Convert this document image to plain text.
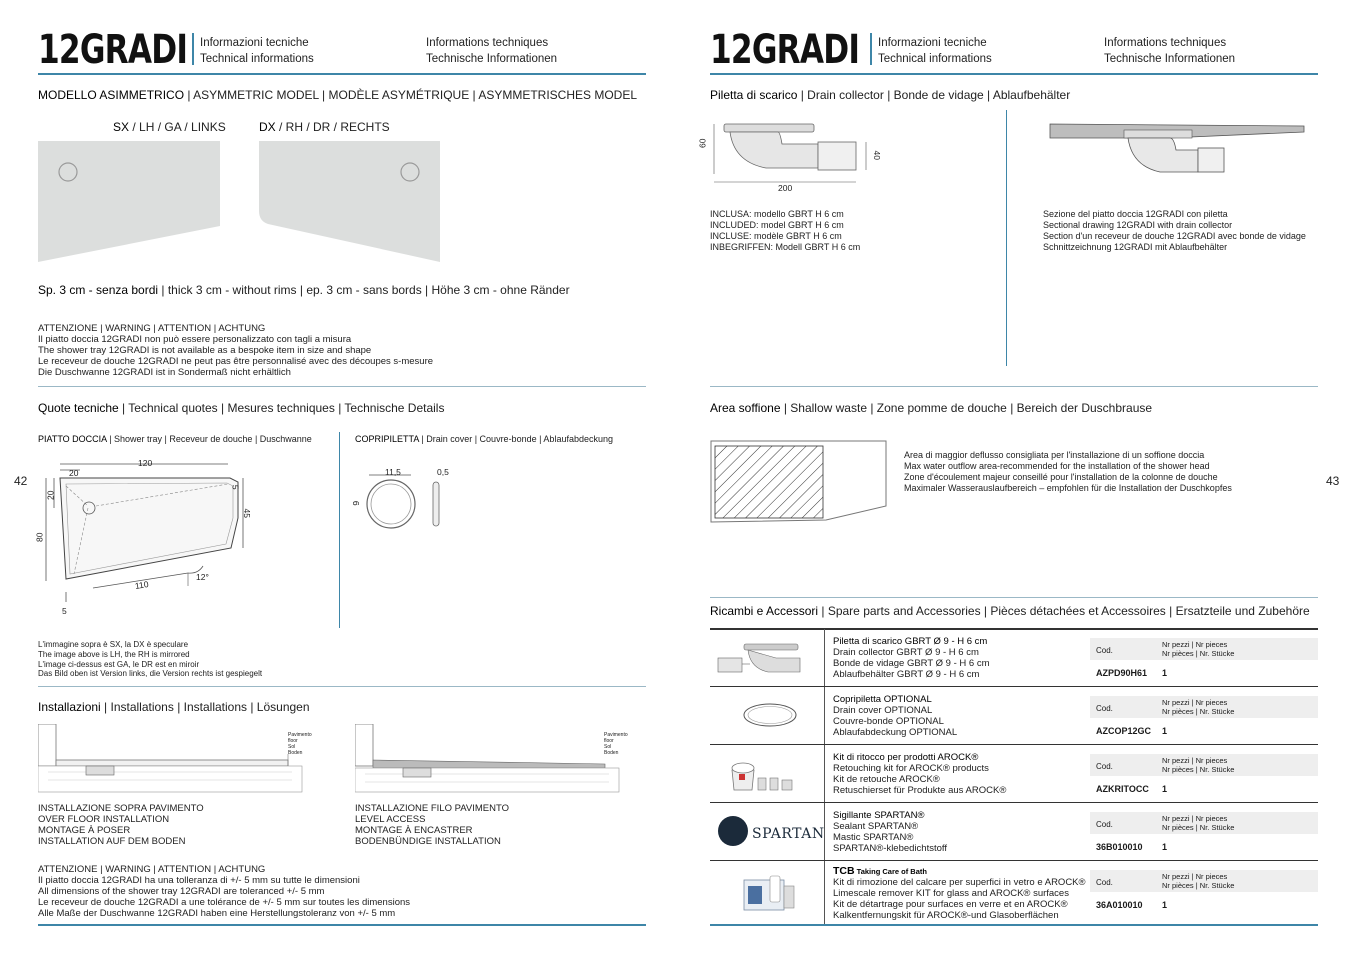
12GRADI Informazioni tecniche
Technical informations
Informations techniques
Technische Informationen
MODELLO ASIMMETRICO | ASYMMETRIC MODEL | MODÈLE ASYMÉTRIQUE | ASYMMETRISCHES MODEL
SX / LH / GA / LINKS	DX / RH / DR / RECHTS
Sp. 3 cm - senza bordi | thick 3 cm - without rims | ep. 3 cm - sans bords | Höhe 3 cm - ohne Ränder
ATTENZIONE | WARNING | ATTENTION | ACHTUNG
Il piatto doccia 12GRADI non può essere personalizzato con tagli a misura
The shower tray 12GRADI is not available as a bespoke item in size and shape
Le receveur de douche 12GRADI ne peut pas être personnalisé avec des découpes s-mesure
Die Duschwanne 12GRADI ist in Sondermaß nicht erhältlich
Quote tecniche | Technical quotes | Mesures techniques | Technische Details
PIATTO DOCCIA | Shower tray | Receveur de douche | Duschwanne	COPRIPILETTA | Drain cover | Couvre-bonde | Ablaufabdeckung
42
120
20
20
5
45
80
110
12°
5
11,5	0,5
9
L'immagine sopra è SX, la DX è speculare
The image above is LH, the RH is mirrored
L'image ci-dessus est GA, le DR est en miroir
Das Bild oben ist Version links, die Version rechts ist gespiegelt
Installazioni | Installations | Installations | Lösungen
Pavimento
floor
Sol
Boden
Pavimento
floor
Sol
Boden
INSTALLAZIONE SOPRA PAVIMENTO
OVER FLOOR INSTALLATION
MONTAGE À POSER
INSTALLATION AUF DEM BODEN
INSTALLAZIONE FILO PAVIMENTO
LEVEL ACCESS
MONTAGE À ENCASTRER
BODENBÜNDIGE INSTALLATION
ATTENZIONE | WARNING | ATTENTION | ACHTUNG
Il piatto doccia 12GRADI ha una tolleranza di +/- 5 mm su tutte le dimensioni
All dimensions of the shower tray 12GRADI are toleranced +/- 5 mm
Le receveur de douche 12GRADI a une tolérance de +/- 5 mm sur toutes les dimensions
Alle Maße der Duschwanne 12GRADI haben eine Herstellungstoleranz von +/- 5 mm
12GRADI Informazioni tecniche
Technical informations
Informations techniques
Technische Informationen
Piletta di scarico | Drain collector | Bonde de vidage | Ablaufbehälter
60
40
200
INCLUSA: modello GBRT H 6 cm
INCLUDED: model GBRT H 6 cm
INCLUSE: modèle GBRT H 6 cm
INBEGRIFFEN: Modell GBRT H 6 cm
Sezione del piatto doccia 12GRADI con piletta
Sectional drawing 12GRADI with drain collector
Section d'un receveur de douche 12GRADI avec bonde de vidage
Schnittzeichnung 12GRADI mit Ablaufbehälter
Area soffione | Shallow waste | Zone pomme de douche | Bereich der Duschbrause
Area di maggior deflusso consigliata per l'installazione di un soffione doccia
Max water outflow area-recommended for the installation of the shower head
Zone d'écoulement majeur conseillé pour l'installation de la colonne de douche
Maximaler Wasserauslaufbereich – empfohlen für die Installation der Duschkopfes	43
Ricambi e Accessori | Spare parts and Accessories | Pièces détachées et Accessoires | Ersatzteile und Zubehöre
Piletta di scarico GBRT Ø 9 - H 6 cm
Drain collector GBRT Ø 9 - H 6 cm
Bonde de vidage GBRT Ø 9 - H 6 cm
Ablaufbehälter GBRT Ø 9 - H 6 cm
Cod.
Nr pezzi | Nr pieces
Nr pièces | Nr. Stücke
AZPD90H61 1
Copripiletta OPTIONAL
Drain cover OPTIONAL
Couvre-bonde OPTIONAL
Ablaufabdeckung OPTIONAL
Cod.
Nr pezzi | Nr pieces
Nr pièces | Nr. Stücke
AZCOP12GC 1
Kit di ritocco per prodotti AROCK®
Retouching kit for AROCK® products
Kit de retouche AROCK®
Retuschierset für Produkte aus AROCK®
Cod.
Nr pezzi | Nr pieces
Nr pièces | Nr. Stücke
AZKRITOCC 1
SPARTAN
Sigillante SPARTAN®
Sealant SPARTAN®
Mastic SPARTAN®
SPARTAN®-klebedichtstoff
Cod.
Nr pezzi | Nr pieces
Nr pièces | Nr. Stücke
36B010010 1
TCB Taking Care of Bath
Kit di rimozione del calcare per superfici in vetro e AROCK®
Limescale remover KIT for glass and AROCK® surfaces
Kit de détartrage pour surfaces en verre et en AROCK®
Kalkentfernungskit für AROCK®-und Glasoberflächen
Cod.
Nr pezzi | Nr pieces
Nr pièces | Nr. Stücke
36A010010 1
